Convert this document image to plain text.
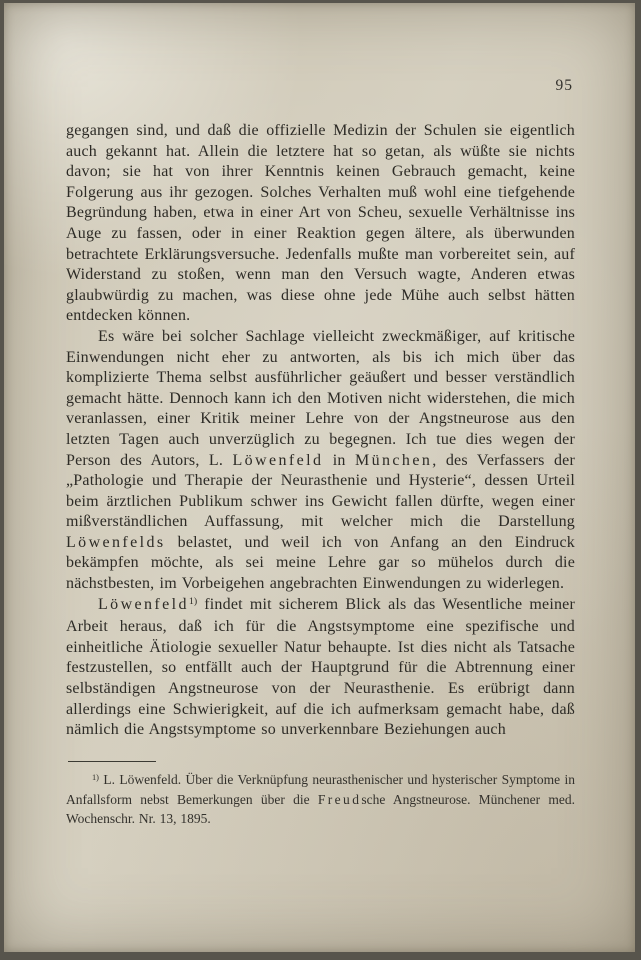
95

gegangen sind, und daß die offizielle Medizin der Schulen sie eigentlich auch gekannt hat. Allein die letztere hat so getan, als wüßte sie nichts davon; sie hat von ihrer Kenntnis keinen Gebrauch gemacht, keine Folgerung aus ihr gezogen. Solches Verhalten muß wohl eine tiefgehende Begründung haben, etwa in einer Art von Scheu, sexuelle Verhältnisse ins Auge zu fassen, oder in einer Reaktion gegen ältere, als überwunden betrachtete Erklärungsversuche. Jedenfalls mußte man vorbereitet sein, auf Widerstand zu stoßen, wenn man den Versuch wagte, Anderen etwas glaubwürdig zu machen, was diese ohne jede Mühe auch selbst hätten entdecken können.

Es wäre bei solcher Sachlage vielleicht zweckmäßiger, auf kritische Einwendungen nicht eher zu antworten, als bis ich mich über das komplizierte Thema selbst ausführlicher geäußert und besser verständlich gemacht hätte. Dennoch kann ich den Motiven nicht widerstehen, die mich veranlassen, einer Kritik meiner Lehre von der Angstneurose aus den letzten Tagen auch unverzüglich zu begegnen. Ich tue dies wegen der Person des Autors, L. Löwenfeld in München, des Verfassers der „Pathologie und Therapie der Neurasthenie und Hysterie“, dessen Urteil beim ärztlichen Publikum schwer ins Gewicht fallen dürfte, wegen einer mißverständlichen Auffassung, mit welcher mich die Darstellung Löwenfelds belastet, und weil ich von Anfang an den Eindruck bekämpfen möchte, als sei meine Lehre gar so mühelos durch die nächstbesten, im Vorbeigehen angebrachten Einwendungen zu widerlegen.

Löwenfeld$^{1)}$ findet mit sicherem Blick als das Wesentliche meiner Arbeit heraus, daß ich für die Angstsymptome eine spezifische und einheitliche Ätiologie sexueller Natur behaupte. Ist dies nicht als Tatsache festzustellen, so entfällt auch der Hauptgrund für die Abtrennung einer selbständigen Angstneurose von der Neurasthenie. Es erübrigt dann allerdings eine Schwierigkeit, auf die ich aufmerksam gemacht habe, daß nämlich die Angstsymptome so unverkennbare Beziehungen auch

$^{1)}$ L. Löwenfeld. Über die Verknüpfung neurasthenischer und hysterischer Symptome in Anfallsform nebst Bemerkungen über die Freudsche Angstneurose. Münchener med. Wochenschr. Nr. 13, 1895.
